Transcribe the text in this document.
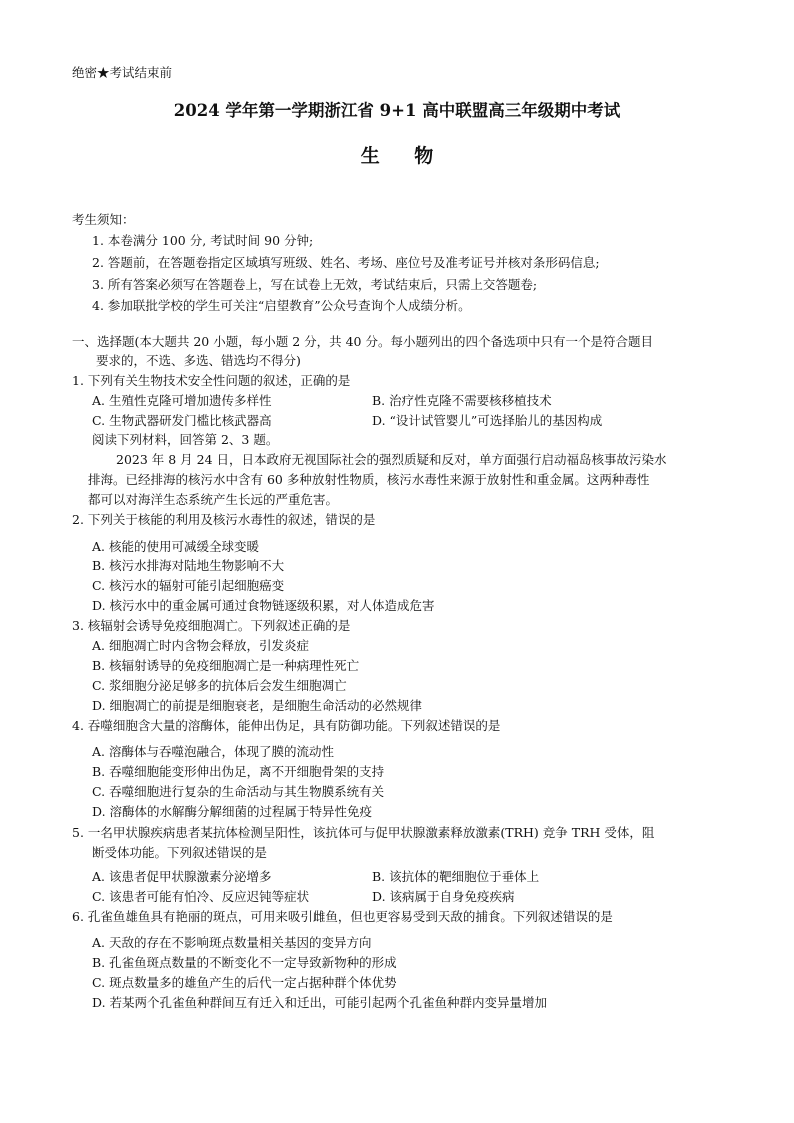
绝密★考试结束前
2024 学年第一学期浙江省 9+1 高中联盟高三年级期中考试
生 物
考生须知：
1. 本卷满分 100 分, 考试时间 90 分钟;
2. 答题前，在答题卷指定区域填写班级、姓名、考场、座位号及准考证号并核对条形码信息;
3. 所有答案必须写在答题卷上，写在试卷上无效，考试结束后，只需上交答题卷;
4. 参加联批学校的学生可关注“启望教育”公众号查询个人成绩分析。
一、选择题(本大题共 20 小题，每小题 2 分，共 40 分。每小题列出的四个备选项中只有一个是符合题目
要求的，不选、多选、错选均不得分)
1. 下列有关生物技术安全性问题的叙述，正确的是
A. 生殖性克隆可增加遗传多样性	B. 治疗性克隆不需要核移植技术
C. 生物武器研发门槛比核武器高	D. “设计试管婴儿”可选择胎儿的基因构成
阅读下列材料，回答第 2、3 题。
2023 年 8 月 24 日，日本政府无视国际社会的强烈质疑和反对，单方面强行启动福岛核事故污染水
排海。已经排海的核污水中含有 60 多种放射性物质，核污水毒性来源于放射性和重金属。这两种毒性
都可以对海洋生态系统产生长远的严重危害。
2. 下列关于核能的利用及核污水毒性的叙述，错误的是
A. 核能的使用可减缓全球变暖
B. 核污水排海对陆地生物影响不大
C. 核污水的辐射可能引起细胞癌变
D. 核污水中的重金属可通过食物链逐级积累，对人体造成危害
3. 核辐射会诱导免疫细胞凋亡。下列叙述正确的是
A. 细胞凋亡时内含物会释放，引发炎症
B. 核辐射诱导的免疫细胞凋亡是一种病理性死亡
C. 浆细胞分泌足够多的抗体后会发生细胞凋亡
D. 细胞凋亡的前提是细胞衰老，是细胞生命活动的必然规律
4. 吞噬细胞含大量的溶酶体，能伸出伪足，具有防御功能。下列叙述错误的是
A. 溶酶体与吞噬泡融合，体现了膜的流动性
B. 吞噬细胞能变形伸出伪足，离不开细胞骨架的支持
C. 吞噬细胞进行复杂的生命活动与其生物膜系统有关
D. 溶酶体的水解酶分解细菌的过程属于特异性免疫
5. 一名甲状腺疾病患者某抗体检测呈阳性，该抗体可与促甲状腺激素释放激素(TRH) 竞争 TRH 受体，阻
断受体功能。下列叙述错误的是
A. 该患者促甲状腺激素分泌增多	B. 该抗体的靶细胞位于垂体上
C. 该患者可能有怕冷、反应迟钝等症状	D. 该病属于自身免疫疾病
6. 孔雀鱼雄鱼具有艳丽的斑点，可用来吸引雌鱼，但也更容易受到天敌的捕食。下列叙述错误的是
A. 天敌的存在不影响斑点数量相关基因的变异方向
B. 孔雀鱼斑点数量的不断变化不一定导致新物种的形成
C. 斑点数量多的雄鱼产生的后代一定占据种群个体优势
D. 若某两个孔雀鱼种群间互有迁入和迁出，可能引起两个孔雀鱼种群内变异量增加
